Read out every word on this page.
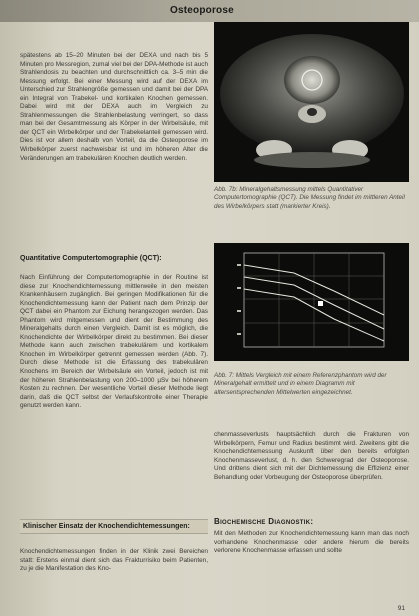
Osteoporose

spätestens ab 15–20 Minuten bei der DEXA und nach bis 5 Minuten pro Messregion, zumal viel bei der DPA-Methode ist auch Strahlendosis zu beachten und durchschnittlich ca. 3–5 min die Messung erfolgt. Bei einer Messung wird auf der DEXA im Unterschied zur Strahlengröße gemessen und damit bei der DPA ein Integral von Trabekel- und kortikalen Knochen gemessen. Dabei wird mit der DEXA auch im Vergleich zu Strahlenmessungen die Strahlenbelastung verringert, so dass man bei der Gesamtmessung als Körper in der Wirbelsäule, mit der QCT ein Wirbelkörper und der Trabekelanteil gemessen wird. Dies ist vor allem deshalb von Vorteil, da die Osteoporose im Wirbelkörper zuerst nachweisbar ist und im höheren Alter die Veränderungen am trabekulären Knochen deutlich werden.

Quantitative Computertomographie (QCT):
Nach Einführung der Computertomographie in der Routine ist diese zur Knochendichtemessung mittlerweile in den meisten Krankenhäusern zugänglich. Bei geringen Modifikationen für die Knochendichtemessung kann der Patient nach dem Prinzip der QCT dabei ein Phantom zur Eichung herangezogen werden. Das Phantom wird mitgemessen und dient der Bestimmung des Mineralgehalts durch einen Vergleich. Damit ist es möglich, die Knochendichte der Wirbelkörper direkt zu bestimmen. Bei dieser Methode kann auch zwischen trabekulärem und kortikalem Knochen im Wirbelkörper getrennt gemessen werden (Abb. 7). Durch diese Methode ist die Erfassung des trabekulären Knochens im Bereich der Wirbelsäule ein Vorteil, jedoch ist mit der höheren Strahlenbelastung von 200–1000 µSv bei höherem Kosten zu rechnen. Der wesentliche Vorteil dieser Methode liegt darin, daß die QCT selbst der Verlaufskontrolle einer Therapie genutzt werden kann.
Klinischer Einsatz der Knochendichtemessungen:
Knochendichtemessungen finden in der Klinik zwei Bereichen statt: Erstens einmal dient sich das Frakturrisiko beim Patienten, zu je die Manifestation des Kno-
Abb. 7b: Mineralgehaltsmessung mittels Quantitativer Computertomographie (QCT). Die Messung findet im mittleren Anteil des Wirbelkörpers statt (markierter Kreis).
Abb. 7: Mittels Vergleich mit einem Referenzphantom wird der Mineralgehalt ermittelt und in einem Diagramm mit altersentsprechenden Mittelwerten eingezeichnet.
chenmasseverlusts hauptsächlich durch die Frakturen von Wirbelkörpern, Femur und Radius bestimmt wird. Zweitens gibt die Knochendichtemessung Auskunft über den bereits erfolgten Knochenmasseverlust, d. h. den Schweregrad der Osteoporose. Und drittens dient sich mit der Dichtemessung die Effizienz einer Behandlung oder Vorbeugung der Osteoporose überprüfen.
Biochemische Diagnostik:
Mit den Methoden zur Knochendichtemessung kann man das noch vorhandene Knochenmasse oder andere hierum die bereits verlorene Knochenmasse erfassen und sollte
91
